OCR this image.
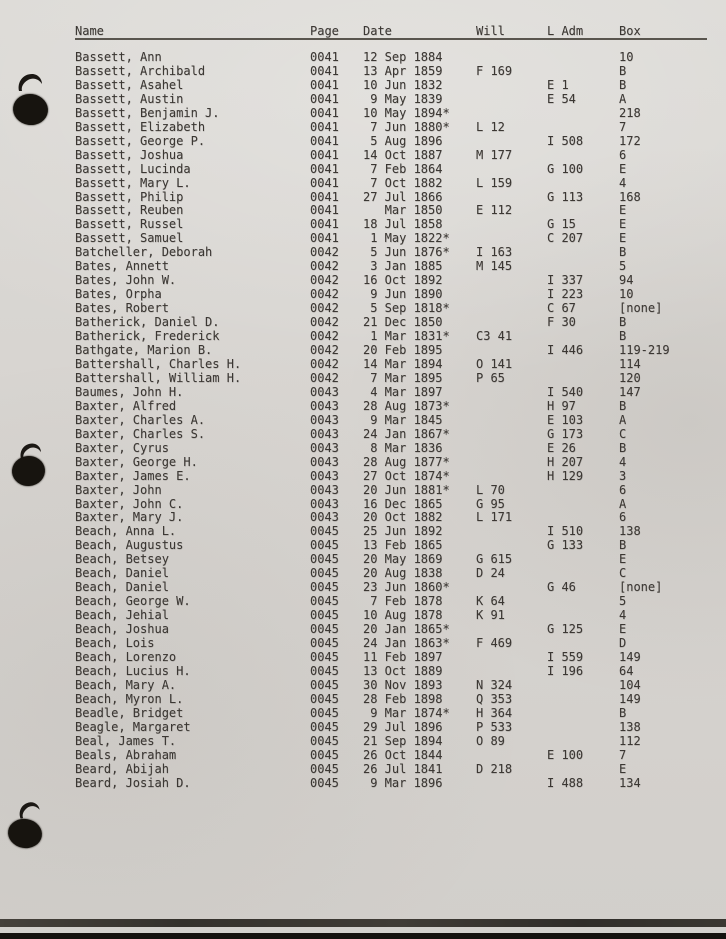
Name	Page	Date	Will	L Adm	Box
Bassett, Ann	0041	12 Sep 1884			10
Bassett, Archibald	0041	13 Apr 1859	F 169		B
Bassett, Asahel	0041	10 Jun 1832		E 1	B
Bassett, Austin	0041	9 May 1839		E 54	A
Bassett, Benjamin J.	0041	10 May 1894*			218
Bassett, Elizabeth	0041	7 Jun 1880*	L 12		7
Bassett, George P.	0041	5 Aug 1896		I 508	172
Bassett, Joshua	0041	14 Oct 1887	M 177		6
Bassett, Lucinda	0041	7 Feb 1864		G 100	E
Bassett, Mary L.	0041	7 Oct 1882	L 159		4
Bassett, Philip	0041	27 Jul 1866		G 113	168
Bassett, Reuben	0041	Mar 1850	E 112		E
Bassett, Russel	0041	18 Jul 1858		G 15	E
Bassett, Samuel	0041	1 May 1822*		C 207	E
Batcheller, Deborah	0042	5 Jun 1876*	I 163		B
Bates, Annett	0042	3 Jan 1885	M 145		5
Bates, John W.	0042	16 Oct 1892		I 337	94
Bates, Orpha	0042	9 Jun 1890		I 223	10
Bates, Robert	0042	5 Sep 1818*		C 67	[none]
Batherick, Daniel D.	0042	21 Dec 1850		F 30	B
Batherick, Frederick	0042	1 Mar 1831*	C3 41		B
Bathgate, Marion B.	0042	20 Feb 1895		I 446	119-219
Battershall, Charles H.	0042	14 Mar 1894	O 141		114
Battershall, William H.	0042	7 Mar 1895	P 65		120
Baumes, John H.	0043	4 Mar 1897		I 540	147
Baxter, Alfred	0043	28 Aug 1873*		H 97	B
Baxter, Charles A.	0043	9 Mar 1845		E 103	A
Baxter, Charles S.	0043	24 Jan 1867*		G 173	C
Baxter, Cyrus	0043	8 Mar 1836		E 26	B
Baxter, George H.	0043	28 Aug 1877*		H 207	4
Baxter, James E.	0043	27 Oct 1874*		H 129	3
Baxter, John	0043	20 Jun 1881*	L 70		6
Baxter, John C.	0043	16 Dec 1865	G 95		A
Baxter, Mary J.	0043	20 Oct 1882	L 171		6
Beach, Anna L.	0045	25 Jun 1892		I 510	138
Beach, Augustus	0045	13 Feb 1865		G 133	B
Beach, Betsey	0045	20 May 1869	G 615		E
Beach, Daniel	0045	20 Aug 1838	D 24		C
Beach, Daniel	0045	23 Jun 1860*		G 46	[none]
Beach, George W.	0045	7 Feb 1878	K 64		5
Beach, Jehial	0045	10 Aug 1878	K 91		4
Beach, Joshua	0045	20 Jan 1865*		G 125	E
Beach, Lois	0045	24 Jan 1863*	F 469		D
Beach, Lorenzo	0045	11 Feb 1897		I 559	149
Beach, Lucius H.	0045	13 Oct 1889		I 196	64
Beach, Mary A.	0045	30 Nov 1893	N 324		104
Beach, Myron L.	0045	28 Feb 1898	Q 353		149
Beadle, Bridget	0045	9 Mar 1874*	H 364		B
Beagle, Margaret	0045	29 Jul 1896	P 533		138
Beal, James T.	0045	21 Sep 1894	O 89		112
Beals, Abraham	0045	26 Oct 1844		E 100	7
Beard, Abijah	0045	26 Jul 1841	D 218		E
Beard, Josiah D.	0045	9 Mar 1896		I 488	134
